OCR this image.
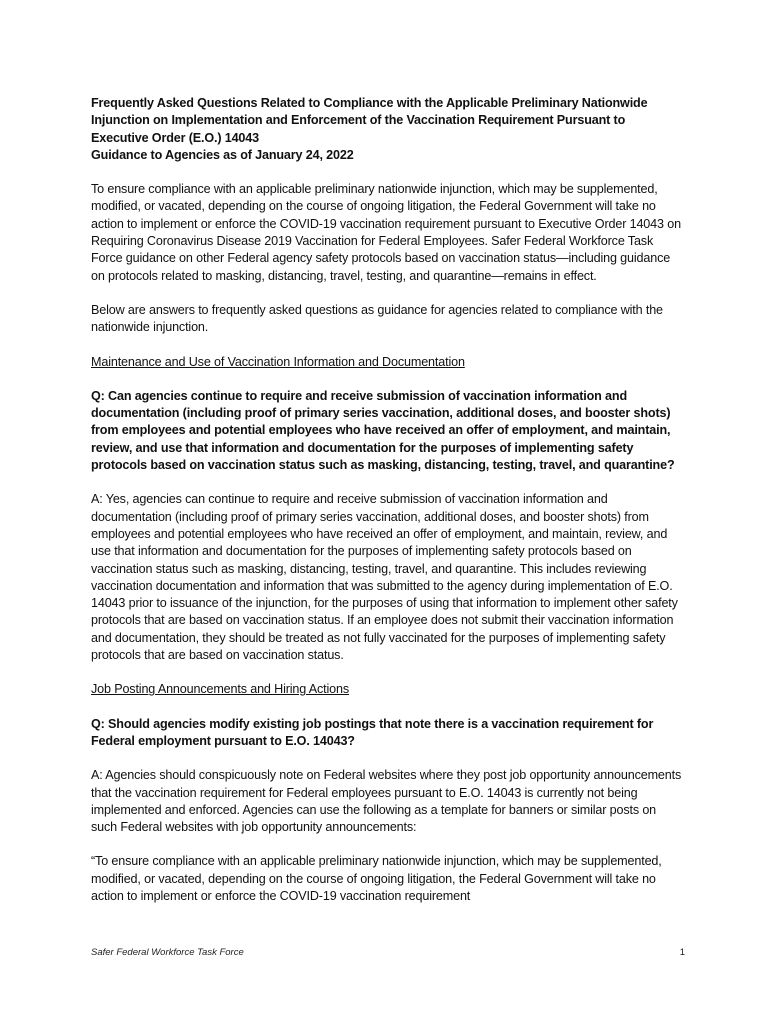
Frequently Asked Questions Related to Compliance with the Applicable Preliminary Nationwide Injunction on Implementation and Enforcement of the Vaccination Requirement Pursuant to Executive Order (E.O.) 14043
Guidance to Agencies as of January 24, 2022

To ensure compliance with an applicable preliminary nationwide injunction, which may be supplemented, modified, or vacated, depending on the course of ongoing litigation, the Federal Government will take no action to implement or enforce the COVID-19 vaccination requirement pursuant to Executive Order 14043 on Requiring Coronavirus Disease 2019 Vaccination for Federal Employees. Safer Federal Workforce Task Force guidance on other Federal agency safety protocols based on vaccination status—including guidance on protocols related to masking, distancing, travel, testing, and quarantine—remains in effect.

Below are answers to frequently asked questions as guidance for agencies related to compliance with the nationwide injunction.

Maintenance and Use of Vaccination Information and Documentation

Q: Can agencies continue to require and receive submission of vaccination information and documentation (including proof of primary series vaccination, additional doses, and booster shots) from employees and potential employees who have received an offer of employment, and maintain, review, and use that information and documentation for the purposes of implementing safety protocols based on vaccination status such as masking, distancing, testing, travel, and quarantine?

A: Yes, agencies can continue to require and receive submission of vaccination information and documentation (including proof of primary series vaccination, additional doses, and booster shots) from employees and potential employees who have received an offer of employment, and maintain, review, and use that information and documentation for the purposes of implementing safety protocols based on vaccination status such as masking, distancing, testing, travel, and quarantine. This includes reviewing vaccination documentation and information that was submitted to the agency during implementation of E.O. 14043 prior to issuance of the injunction, for the purposes of using that information to implement other safety protocols that are based on vaccination status. If an employee does not submit their vaccination information and documentation, they should be treated as not fully vaccinated for the purposes of implementing safety protocols that are based on vaccination status.

Job Posting Announcements and Hiring Actions

Q: Should agencies modify existing job postings that note there is a vaccination requirement for Federal employment pursuant to E.O. 14043?

A: Agencies should conspicuously note on Federal websites where they post job opportunity announcements that the vaccination requirement for Federal employees pursuant to E.O. 14043 is currently not being implemented and enforced. Agencies can use the following as a template for banners or similar posts on such Federal websites with job opportunity announcements:

“To ensure compliance with an applicable preliminary nationwide injunction, which may be supplemented, modified, or vacated, depending on the course of ongoing litigation, the Federal Government will take no action to implement or enforce the COVID-19 vaccination requirement

Safer Federal Workforce Task Force	1
